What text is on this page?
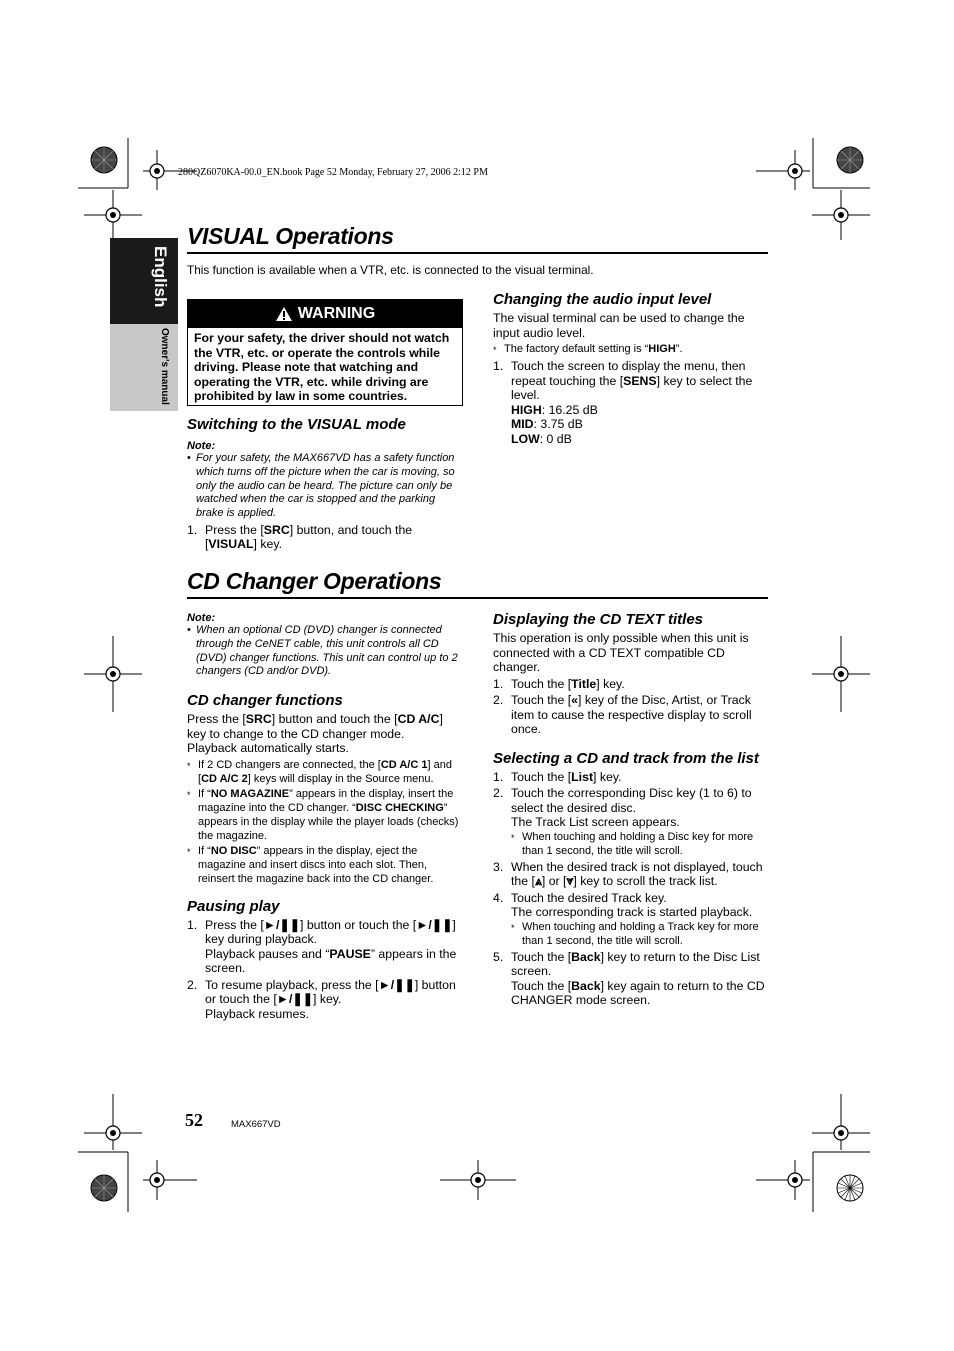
280QZ6070KA-00.0_EN.book Page 52 Monday, February 27, 2006 2:12 PM
English
Owner's manual
VISUAL Operations
This function is available when a VTR, etc. is connected to the visual terminal.
WARNING
For your safety, the driver should not watch the VTR, etc. or operate the controls while driving. Please note that watching and operating the VTR, etc. while driving are prohibited by law in some countries.
Switching to the VISUAL mode
Note:
• For your safety, the MAX667VD has a safety function which turns off the picture when the car is moving, so only the audio can be heard. The picture can only be watched when the car is stopped and the parking brake is applied.
1. Press the [SRC] button, and touch the [VISUAL] key.
Changing the audio input level
The visual terminal can be used to change the input audio level.
* The factory default setting is “HIGH”.
1. Touch the screen to display the menu, then repeat touching the [SENS] key to select the level.
HIGH: 16.25 dB
MID: 3.75 dB
LOW: 0 dB
CD Changer Operations
Note:
• When an optional CD (DVD) changer is connected through the CeNET cable, this unit controls all CD (DVD) changer functions. This unit can control up to 2 changers (CD and/or DVD).
CD changer functions
Press the [SRC] button and touch the [CD A/C] key to change to the CD changer mode.
Playback automatically starts.
* If 2 CD changers are connected, the [CD A/C 1] and [CD A/C 2] keys will display in the Source menu.
* If “NO MAGAZINE” appears in the display, insert the magazine into the CD changer. “DISC CHECKING” appears in the display while the player loads (checks) the magazine.
* If “NO DISC” appears in the display, eject the magazine and insert discs into each slot. Then, reinsert the magazine back into the CD changer.
Pausing play
1. Press the [►/❚❚] button or touch the [►/❚❚] key during playback.
Playback pauses and “PAUSE” appears in the screen.
2. To resume playback, press the [►/❚❚] button or touch the [►/❚❚] key.
Playback resumes.
Displaying the CD TEXT titles
This operation is only possible when this unit is connected with a CD TEXT compatible CD changer.
1. Touch the [Title] key.
2. Touch the [«] key of the Disc, Artist, or Track item to cause the respective display to scroll once.
Selecting a CD and track from the list
1. Touch the [List] key.
2. Touch the corresponding Disc key (1 to 6) to select the desired disc.
The Track List screen appears.
* When touching and holding a Disc key for more than 1 second, the title will scroll.
3. When the desired track is not displayed, touch the [⩓] or [⩔] key to scroll the track list.
4. Touch the desired Track key.
The corresponding track is started playback.
* When touching and holding a Track key for more than 1 second, the title will scroll.
5. Touch the [Back] key to return to the Disc List screen.
Touch the [Back] key again to return to the CD CHANGER mode screen.
52	MAX667VD
